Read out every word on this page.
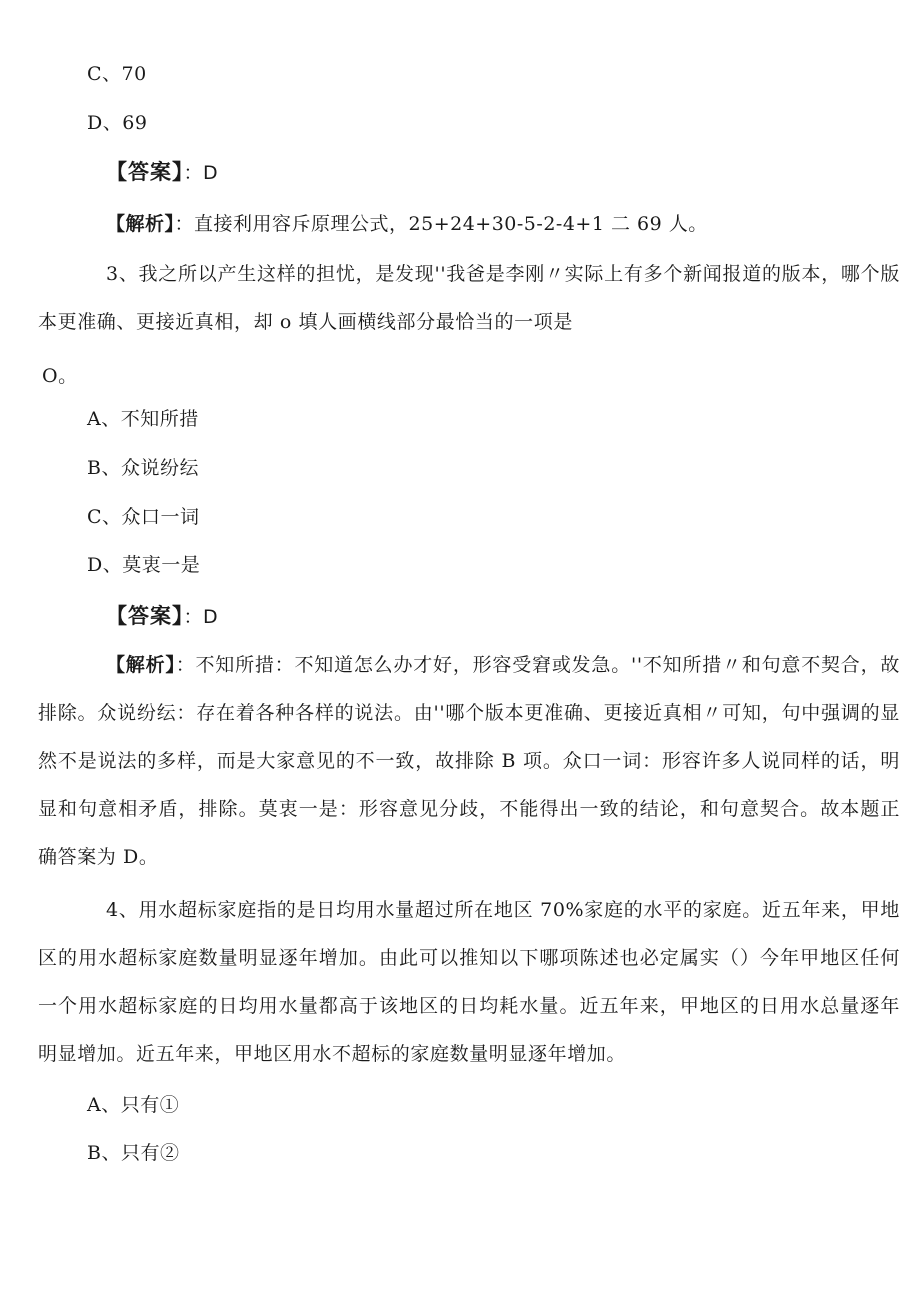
C、70
D、69
【答案】：D
【解析】：直接利用容斥原理公式，25+24+30-5-2-4+1 二 69 人。
3、我之所以产生这样的担忧，是发现''我爸是李刚〃实际上有多个新闻报道的版本，哪个版本更准确、更接近真相，却 o 填人画横线部分最恰当的一项是
O。
A、不知所措
B、众说纷纭
C、众口一词
D、莫衷一是
【答案】：D
【解析】：不知所措：不知道怎么办才好，形容受窘或发急。''不知所措〃和句意不契合，故排除。众说纷纭：存在着各种各样的说法。由''哪个版本更准确、更接近真相〃可知，句中强调的显然不是说法的多样，而是大家意见的不一致，故排除 B 项。众口一词：形容许多人说同样的话，明显和句意相矛盾，排除。莫衷一是：形容意见分歧，不能得出一致的结论，和句意契合。故本题正确答案为 D。
4、用水超标家庭指的是日均用水量超过所在地区 70%家庭的水平的家庭。近五年来，甲地区的用水超标家庭数量明显逐年增加。由此可以推知以下哪项陈述也必定属实（）今年甲地区任何一个用水超标家庭的日均用水量都高于该地区的日均耗水量。近五年来，甲地区的日用水总量逐年明显增加。近五年来，甲地区用水不超标的家庭数量明显逐年增加。
A、只有①
B、只有②
